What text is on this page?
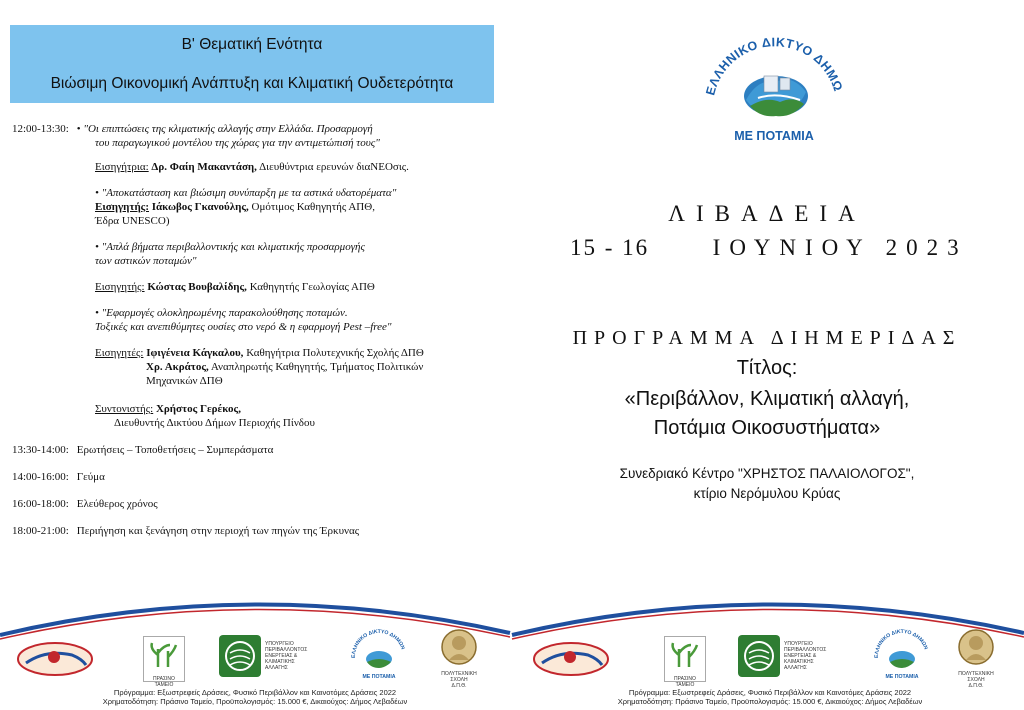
Β' Θεματική Ενότητα
Βιώσιμη Οικονομική Ανάπτυξη και Κλιματική Ουδετερότητα
12:00-13:30: • "Οι επιπτώσεις της κλιματικής αλλαγής στην Ελλάδα. Προσαρμογή
του παραγωγικού μοντέλου της χώρας για την αντιμετώπισή τους"
Εισηγήτρια: Δρ. Φαίη Μακαντάση, Διευθύντρια ερευνών διαΝΕΟσις.
• "Αποκατάσταση και βιώσιμη συνύπαρξη με τα αστικά υδατορέματα"
Εισηγητής: Ιάκωβος Γκανούλης, Ομότιμος Καθηγητής ΑΠΘ,
Έδρα UNESCO)
• "Απλά βήματα περιβαλλοντικής και κλιματικής προσαρμογής
των αστικών ποταμών"
Εισηγητής: Κώστας Βουβαλίδης, Καθηγητής Γεωλογίας ΑΠΘ
• "Εφαρμογές ολοκληρωμένης παρακολούθησης ποταμών.
Τοξικές και ανεπιθύμητες ουσίες στο νερό & η εφαρμογή Pest –free"
Εισηγητές: Ιφιγένεια Κάγκαλου, Καθηγήτρια Πολυτεχνικής Σχολής ΔΠΘ
Χρ. Ακράτος, Αναπληρωτής Καθηγητής, Τμήματος Πολιτικών
Μηχανικών ΔΠΘ
Συντονιστής: Χρήστος Γερέκος,
Διευθυντής Δικτύου Δήμων Περιοχής Πίνδου
13:30-14:00: Ερωτήσεις – Τοποθετήσεις – Συμπεράσματα
14:00-16:00: Γεύμα
16:00-18:00: Ελεύθερος χρόνος
18:00-21:00: Περιήγηση και ξενάγηση στην περιοχή των πηγών της Έρκυνας
ΕΛΛΗΝΙΚΟ ΔΙΚΤΥΟ ΔΗΜΩ
ΜΕ ΠΟΤΑΜΙΑ
ΛΙΒΑΔΕΙΑ
15 - 16	ΙΟΥΝΙΟΥ 2023
ΠΡΟΓΡΑΜΜΑ ΔΙΗΜΕΡΙΔΑΣ
Τίτλος:
«Περιβάλλον, Κλιματική αλλαγή,
Ποτάμια Οικοσυστήματα»
Συνεδριακό Κέντρο "ΧΡΗΣΤΟΣ ΠΑΛΑΙΟΛΟΓΟΣ",
κτίριο Νερόμυλου Κρύας
ΠΡΑΣΙΝΟ ΤΑΜΕΙΟ
ΥΠΟΥΡΓΕΙΟ
ΠΕΡΙΒΑΛΛΟΝΤΟΣ
ΕΝΕΡΓΕΙΑΣ &
ΚΛΙΜΑΤΙΚΗΣ
ΑΛΛΑΓΗΣ
ΕΛΛΗΝΙΚΟ ΔΙΚΤΥΟ ΔΗΜΩΝ
ΜΕ ΠΟΤΑΜΙΑ	ΠΟΛΥΤΕΧΝΙΚΗ
ΣΧΟΛΗ
Δ.Π.Θ.
Πρόγραμμα: Εξωστρεφείς Δράσεις, Φυσικό Περιβάλλον και Καινοτόμες Δράσεις 2022
Χρηματοδότηση: Πράσινο Ταμείο, Προϋπολογισμός: 15.000 €, Δικαιούχος: Δήμος Λεβαδέων
ΠΡΑΣΙΝΟ ΤΑΜΕΙΟ
ΥΠΟΥΡΓΕΙΟ
ΠΕΡΙΒΑΛΛΟΝΤΟΣ
ΕΝΕΡΓΕΙΑΣ &
ΚΛΙΜΑΤΙΚΗΣ
ΑΛΛΑΓΗΣ
ΕΛΛΗΝΙΚΟ ΔΙΚΤΥΟ ΔΗΜΩΝ
ΜΕ ΠΟΤΑΜΙΑ	ΠΟΛΥΤΕΧΝΙΚΗ
ΣΧΟΛΗ
Δ.Π.Θ.
Πρόγραμμα: Εξωστρεφείς Δράσεις, Φυσικό Περιβάλλον και Καινοτόμες Δράσεις 2022
Χρηματοδότηση: Πράσινο Ταμείο, Προϋπολογισμός: 15.000 €, Δικαιούχος: Δήμος Λεβαδέων
